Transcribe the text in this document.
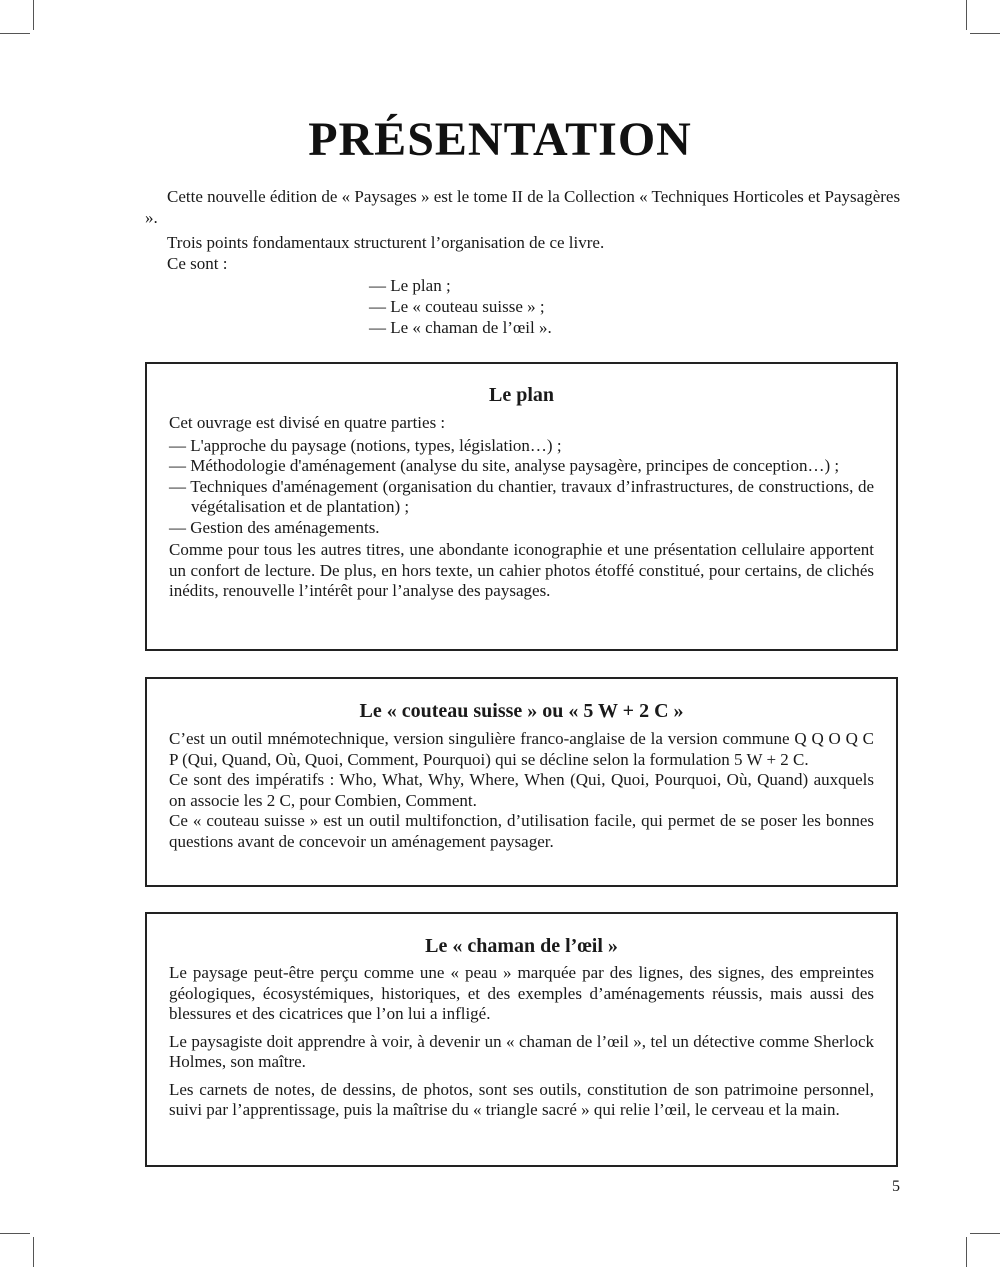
PRÉSENTATION

Cette nouvelle édition de « Paysages » est le tome II de la Collection « Techniques Horticoles et Paysagères ».

Trois points fondamentaux structurent l’organisation de ce livre.

Ce sont :

— Le plan ;
— Le « couteau suisse » ;
— Le « chaman de l’œil ».
Le plan

Cet ouvrage est divisé en quatre parties :

— L'approche du paysage (notions, types, législation…) ;
— Méthodologie d'aménagement (analyse du site, analyse paysagère, principes de conception…) ;
— Techniques d'aménagement (organisation du chantier, travaux d’infrastructures, de constructions, de végétalisation et de plantation) ;
— Gestion des aménagements.

Comme pour tous les autres titres, une abondante iconographie et une présentation cellulaire apportent un confort de lecture. De plus, en hors texte, un cahier photos étoffé constitué, pour certains, de clichés inédits, renouvelle l’intérêt pour l’analyse des paysages.

Le « couteau suisse » ou « 5 W + 2 C »

C’est un outil mnémotechnique, version singulière franco-anglaise de la version commune Q Q O Q C P (Qui, Quand, Où, Quoi, Comment, Pourquoi) qui se décline selon la formulation 5 W + 2 C.

Ce sont des impératifs : Who, What, Why, Where, When (Qui, Quoi, Pourquoi, Où, Quand) auxquels on associe les 2 C, pour Combien, Comment.

Ce « couteau suisse » est un outil multifonction, d’utilisation facile, qui permet de se poser les bonnes questions avant de concevoir un aménagement paysager.

Le « chaman de l’œil »

Le paysage peut-être perçu comme une « peau » marquée par des lignes, des signes, des empreintes géologiques, écosystémiques, historiques, et des exemples d’aménagements réussis, mais aussi des blessures et des cicatrices que l’on lui a infligé.

Le paysagiste doit apprendre à voir, à devenir un « chaman de l’œil », tel un détective comme Sherlock Holmes, son maître.

Les carnets de notes, de dessins, de photos, sont ses outils, constitution de son patrimoine personnel, suivi par l’apprentissage, puis la maîtrise du « triangle sacré » qui relie l’œil, le cerveau et la main.

5
